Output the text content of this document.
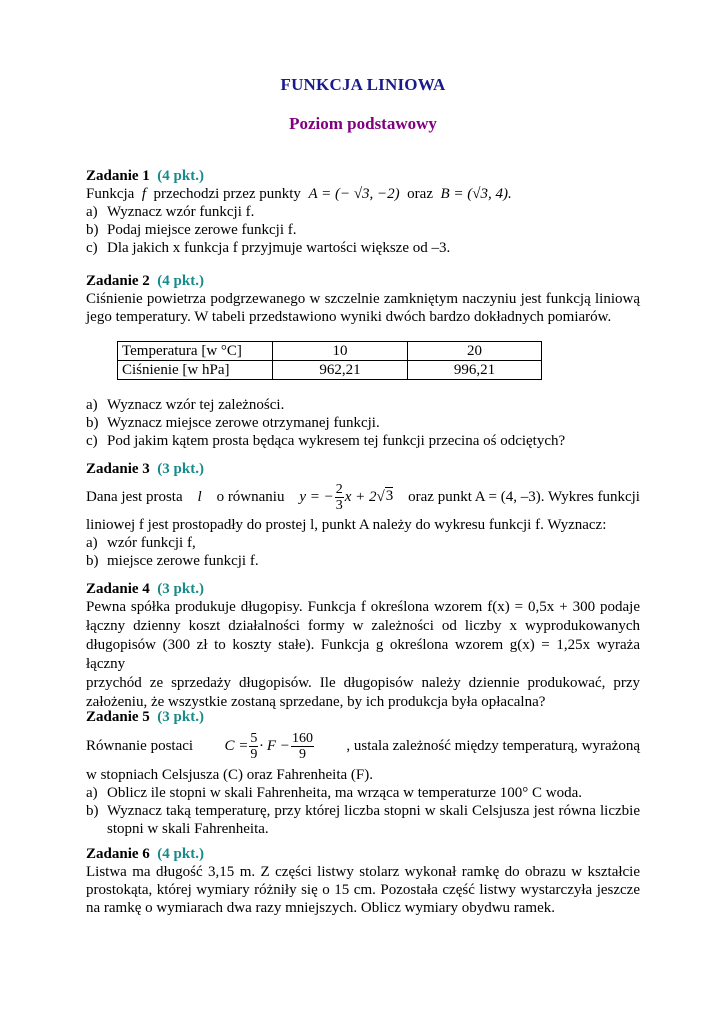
FUNKCJA LINIOWA
Poziom podstawowy
Zadanie 1 (4 pkt.)
Funkcja f przechodzi przez punkty A = (− √3, −2) oraz B = (√3, 4).
a) Wyznacz wzór funkcji f.
b) Podaj miejsce zerowe funkcji f.
c) Dla jakich x funkcja f przyjmuje wartości większe od –3.
Zadanie 2 (4 pkt.)
Ciśnienie powietrza podgrzewanego w szczelnie zamkniętym naczyniu jest funkcją liniową jego temperatury. W tabeli przedstawiono wyniki dwóch bardzo dokładnych pomiarów.
Temperatura [w °C]	10	20
Ciśnienie [w hPa]	962,21	996,21
a) Wyznacz wzór tej zależności.
b) Wyznacz miejsce zerowe otrzymanej funkcji.
c) Pod jakim kątem prosta będąca wykresem tej funkcji przecina oś odciętych?
Zadanie 3 (3 pkt.)
Dana jest prosta l o równaniu y = − $\frac{2}{3}$ x + 2√3 oraz punkt A = (4, –3). Wykres funkcji
liniowej f jest prostopadły do prostej l, punkt A należy do wykresu funkcji f. Wyznacz:
a) wzór funkcji f,
b) miejsce zerowe funkcji f.
Zadanie 4 (3 pkt.)
Pewna spółka produkuje długopisy. Funkcja f określona wzorem f(x) = 0,5x + 300 podaje
łączny dzienny koszt działalności formy w zależności od liczby x wyprodukowanych
długopisów (300 zł to koszty stałe). Funkcja g określona wzorem g(x) = 1,25x wyraża łączny
przychód ze sprzedaży długopisów. Ile długopisów należy dziennie produkować, przy założeniu, że wszystkie zostaną sprzedane, by ich produkcja była opłacalna?
Zadanie 5 (3 pkt.)
Równanie postaci $C = \frac{5}{9} \cdot F - \frac{160}{9}$ , ustala zależność między temperaturą, wyrażoną
w stopniach Celsjusza (C) oraz Fahrenheita (F).
a) Oblicz ile stopni w skali Fahrenheita, ma wrząca w temperaturze 100° C woda.
b) Wyznacz taką temperaturę, przy której liczba stopni w skali Celsjusza jest równa liczbie stopni w skali Fahrenheita.
Zadanie 6 (4 pkt.)
Listwa ma długość 3,15 m. Z części listwy stolarz wykonał ramkę do obrazu w kształcie prostokąta, której wymiary różniły się o 15 cm. Pozostała część listwy wystarczyła jeszcze na ramkę o wymiarach dwa razy mniejszych. Oblicz wymiary obydwu ramek.
